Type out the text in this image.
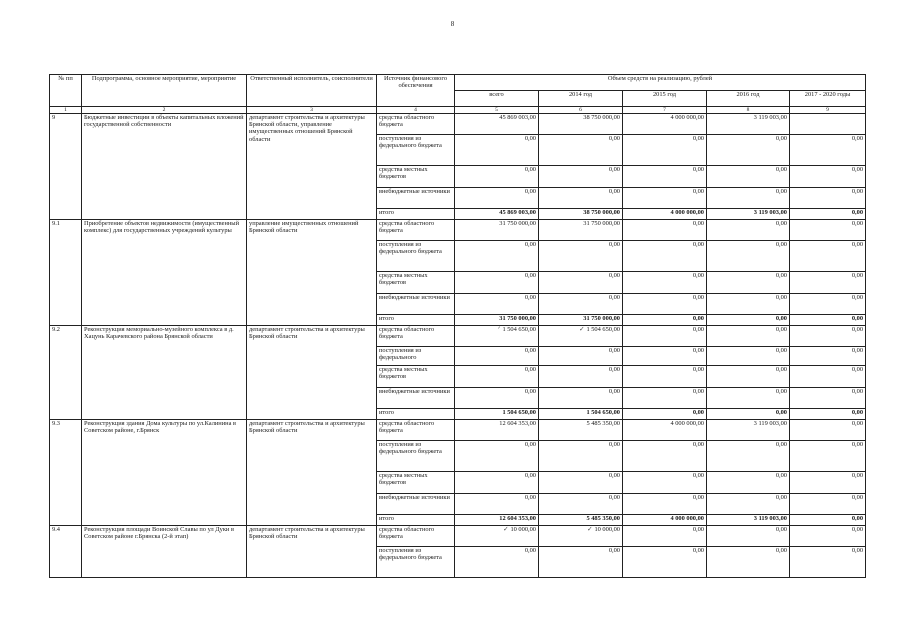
8
№ пп	Подпрограмма, основное мероприятие, мероприятие	Ответственный исполнитель, соисполнители	Источник финансового обеспечения	Объем средств на реализацию, рублей				
				всего	2014 год	2015 год	2016 год	2017 - 2020 годы
1	2	3	4	5	6	7	8	9
9	Бюджетные инвестиции в объекты капитальных вложений государственной собственности	департамент строительства и архитектуры Брянской области, управление имущественных отношений Брянской области	средства областного бюджета	45 869 003,00	38 750 000,00	4 000 000,00	3 119 003,00	
			поступления из федерального бюджета	0,00	0,00	0,00	0,00	0,00
			средства местных бюджетов	0,00	0,00	0,00	0,00	0,00
			внебюджетные источники	0,00	0,00	0,00	0,00	0,00
			итого	45 869 003,00	38 750 000,00	4 000 000,00	3 119 003,00	0,00
9.1	Приобретение объектов недвижимости (имущественный комплекс) для государственных учреждений культуры	управление имущественных отношений Брянской области	средства областного бюджета	31 750 000,00	31 750 000,00	0,00	0,00	0,00
			поступления из федерального бюджета	0,00	0,00	0,00	0,00	0,00
			средства местных бюджетов	0,00	0,00	0,00	0,00	0,00
			внебюджетные источники	0,00	0,00	0,00	0,00	0,00
			итого	31 750 000,00	31 750 000,00	0,00	0,00	0,00
9.2	Реконструкция мемориально-музейного комплекса в д. Хацунь Карачевского района Брянской области	департамент строительства и архитектуры Брянской области	средства областного бюджета	ᐟ 1 504 650,00	✓ 1 504 650,00	0,00	0,00	0,00
			поступления из федерального	0,00	0,00	0,00	0,00	0,00
			средства местных бюджетов	0,00	0,00	0,00	0,00	0,00
			внебюджетные источники	0,00	0,00	0,00	0,00	0,00
			итого	1 504 650,00	1 504 650,00	0,00	0,00	0,00
9.3	Реконструкция здания Дома культуры по ул.Калинина в Советском районе, г.Брянск	департамент строительства и архитектуры Брянской области	средства областного бюджета	12 604 353,00	5 485 350,00	4 000 000,00	3 119 003,00	0,00
			поступления из федерального бюджета	0,00	0,00	0,00	0,00	0,00
			средства местных бюджетов	0,00	0,00	0,00	0,00	0,00
			внебюджетные источники	0,00	0,00	0,00	0,00	0,00
			итого	12 604 353,00	5 485 350,00	4 000 000,00	3 119 003,00	0,00
9.4	Реконструкция площади Воинской Славы по ул Дуки в Советском районе г.Брянска (2-й этап)	департамент строительства и архитектуры Брянской области	средства областного бюджета	✓ 10 000,00	✓ 10 000,00	0,00	0,00	0,00
			поступления из федерального бюджета	0,00	0,00	0,00	0,00	0,00
